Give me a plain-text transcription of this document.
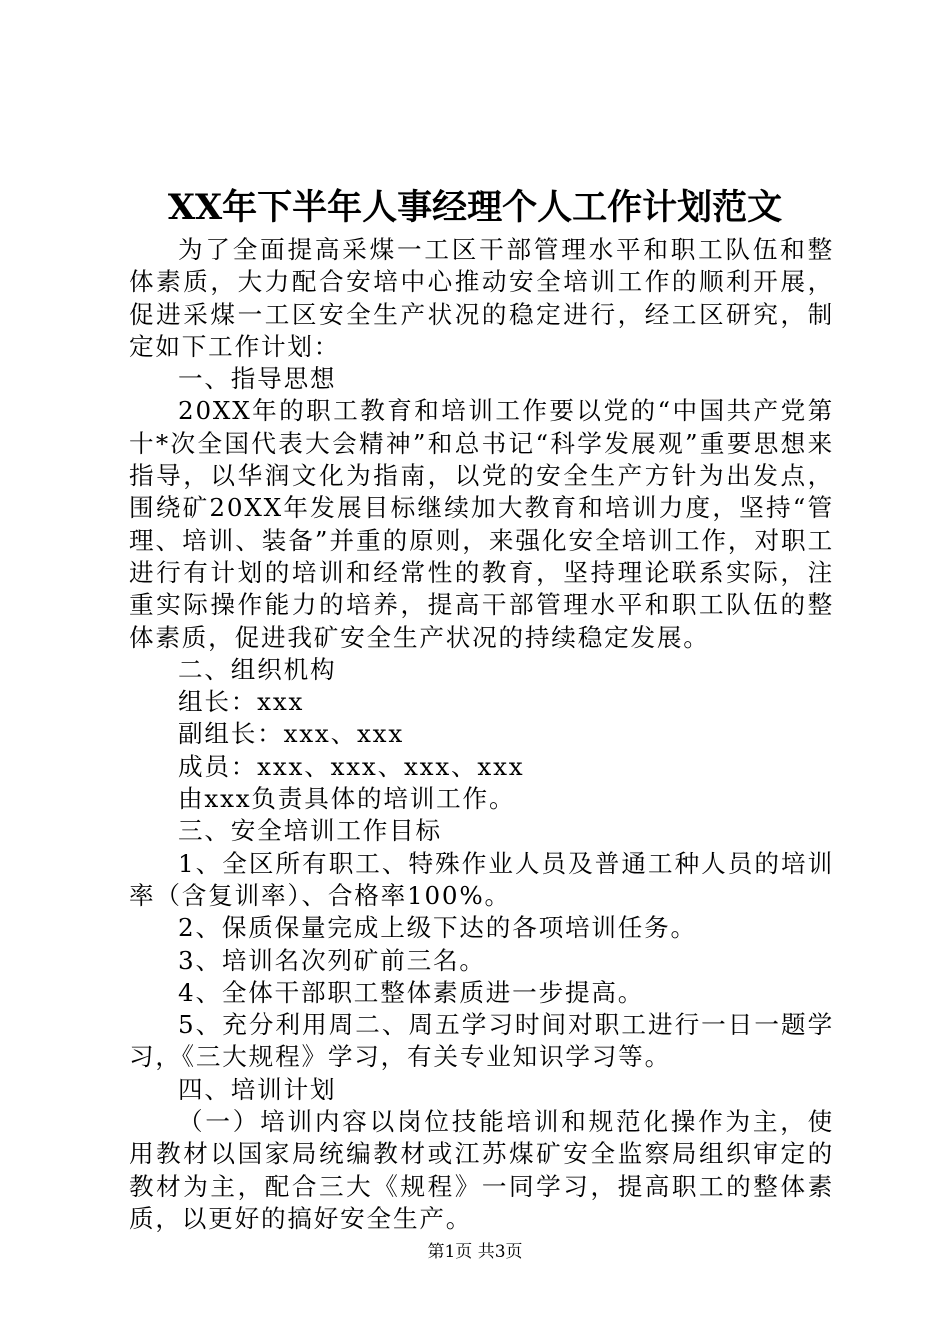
XX年下半年人事经理个人工作计划范文

为了全面提高采煤一工区干部管理水平和职工队伍和整体素质，大力配合安培中心推动安全培训工作的顺利开展，促进采煤一工区安全生产状况的稳定进行，经工区研究，制定如下工作计划：

一、指导思想

20XX年的职工教育和培训工作要以党的“中国共产党第十*次全国代表大会精神”和总书记“科学发展观”重要思想来指导，以华润文化为指南，以党的安全生产方针为出发点，围绕矿20XX年发展目标继续加大教育和培训力度，坚持“管理、培训、装备”并重的原则，来强化安全培训工作，对职工进行有计划的培训和经常性的教育，坚持理论联系实际，注重实际操作能力的培养，提高干部管理水平和职工队伍的整体素质，促进我矿安全生产状况的持续稳定发展。

二、组织机构

组长：xxx

副组长：xxx、xxx

成员：xxx、xxx、xxx、xxx

由xxx负责具体的培训工作。

三、安全培训工作目标

1、全区所有职工、特殊作业人员及普通工种人员的培训率（含复训率）、合格率100%。

2、保质保量完成上级下达的各项培训任务。

3、培训名次列矿前三名。

4、全体干部职工整体素质进一步提高。

5、充分利用周二、周五学习时间对职工进行一日一题学习，《三大规程》学习，有关专业知识学习等。

四、培训计划

（一）培训内容以岗位技能培训和规范化操作为主，使用教材以国家局统编教材或江苏煤矿安全监察局组织审定的教材为主，配合三大《规程》一同学习，提高职工的整体素质，以更好的搞好安全生产。

第1页 共3页
